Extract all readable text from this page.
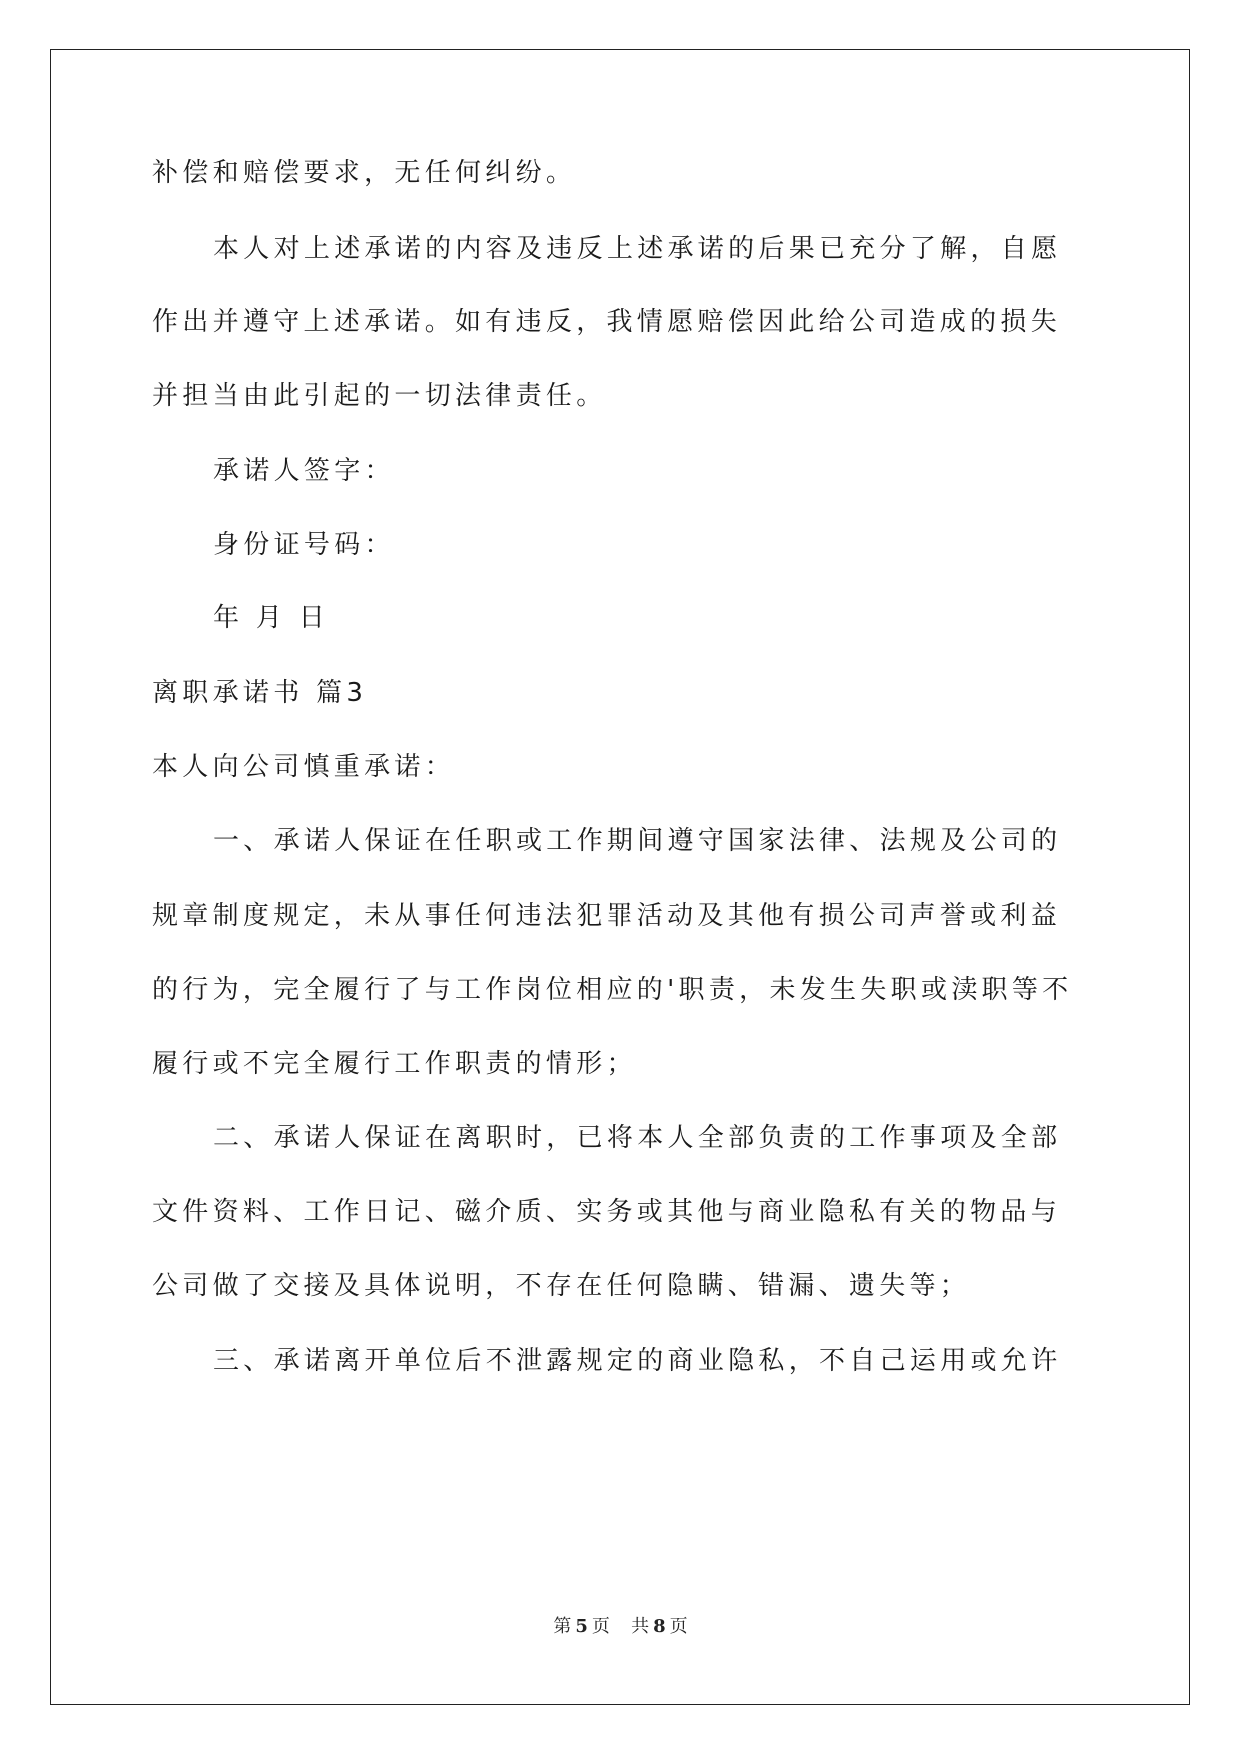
补偿和赔偿要求，无任何纠纷。
本人对上述承诺的内容及违反上述承诺的后果已充分了解，自愿
作出并遵守上述承诺。如有违反，我情愿赔偿因此给公司造成的损失
并担当由此引起的一切法律责任。
承诺人签字：
身份证号码：
年 月 日
离职承诺书 篇3
本人向公司慎重承诺：
一、承诺人保证在任职或工作期间遵守国家法律、法规及公司的
规章制度规定，未从事任何违法犯罪活动及其他有损公司声誉或利益
的行为，完全履行了与工作岗位相应的'职责，未发生失职或渎职等不
履行或不完全履行工作职责的情形；
二、承诺人保证在离职时，已将本人全部负责的工作事项及全部
文件资料、工作日记、磁介质、实务或其他与商业隐私有关的物品与
公司做了交接及具体说明，不存在任何隐瞒、错漏、遗失等；
三、承诺离开单位后不泄露规定的商业隐私，不自己运用或允许
第 5 页 共 8 页
